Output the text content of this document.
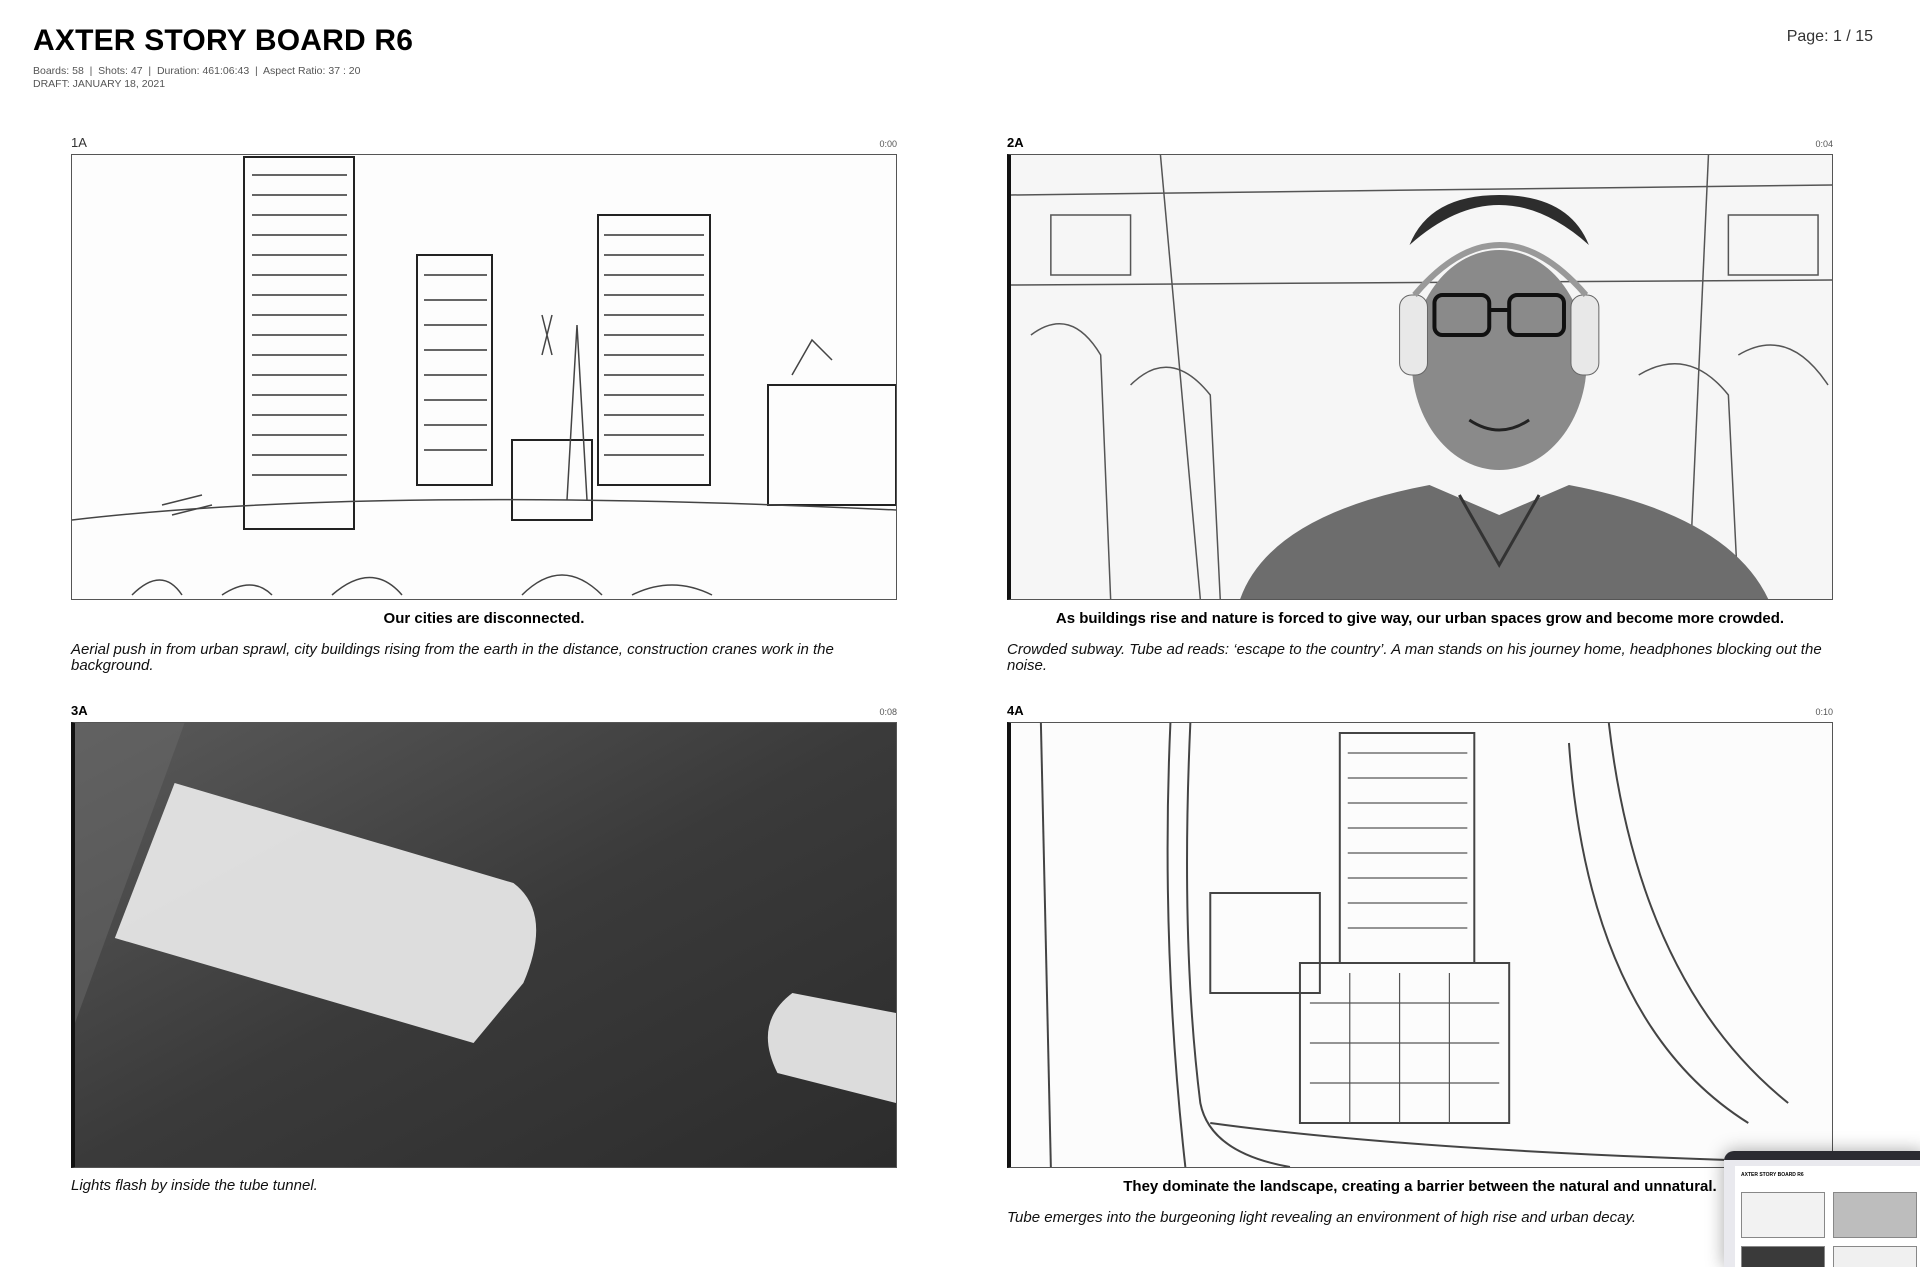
AXTER STORY BOARD R6
Boards: 58  |  Shots: 47  |  Duration: 461:06:43  |  Aspect Ratio: 37 : 20
DRAFT: JANUARY 18, 2021
Page: 1 / 15
1A	0:00
Our cities are disconnected.
Aerial push in from urban sprawl, city buildings rising from the earth in the distance, construction cranes work in the background.
2A	0:04
As buildings rise and nature is forced to give way, our urban spaces grow and become more crowded.
Crowded subway. Tube ad reads: ‘escape to the country’. A man stands on his journey home, headphones blocking out the noise.
3A	0:08
Lights flash by inside the tube tunnel.
4A	0:10
They dominate the landscape, creating a barrier between the natural and unnatural.
Tube emerges into the burgeoning light revealing an environment of high rise and urban decay.
AXTER STORY BOARD R6
